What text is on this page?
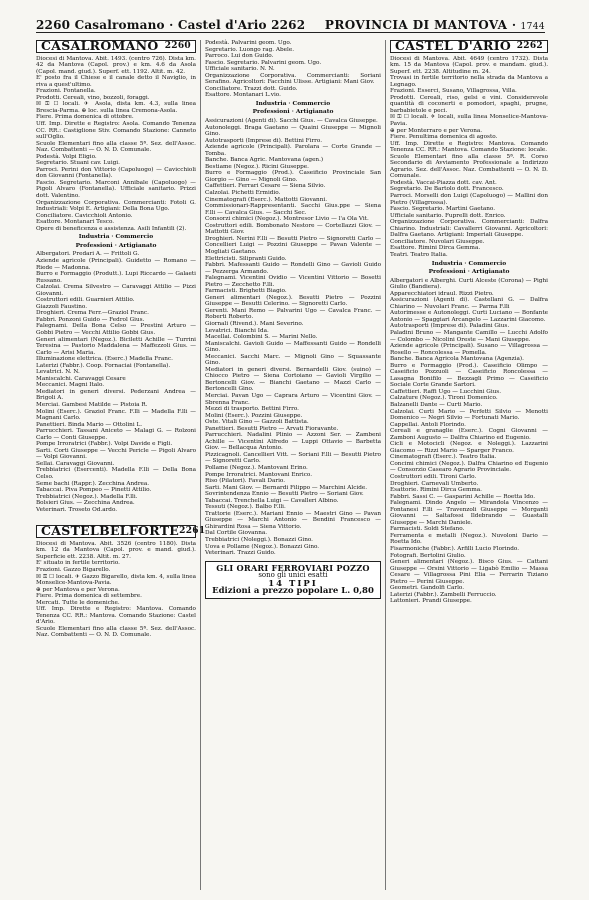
2260 Casalromano · Castel d'Ario 2262 PROVINCIA DI MANTOVA · 1744
CASALROMANO 2260

Diocesi di Mantova. Abit. 1493. (centro 726). Dista km. 42 da Mantova (Capol. prov.) e km. 4.6 da Asola (Capol. mand. giud.). Superf. ett. 1192. Altit. m. 42.

E' posto fra il Chiese e il canale detto il Naviglio, in riva a quest'ultimo.

Frazioni. Fontanella.

Prodotti. Cereali, vino, bozzoli, foraggi.

☒ ⚿ ☐ locali. ✈ Asola, dista km. 4.3, sulla linea Brescia-Parma. ⊕ loc. sulla linea Cremona-Asola.

Fiere. Prima domenica di ottobre.

Uff. Imp. Dirette e Registro: Asola. Comando Tenenza CC. RR.: Castiglione Stiv. Comando Stazione: Canneto sull'Oglio.

Scuole Elementari fino alla classe 5ª. Sez. dell'Assoc. Naz. Combattenti — O. N. D. Comunale.

Podestà. Volpi Eligio.

Segretario. Stuani cav. Luigi.

Parroci. Perini don Vittorio (Capoluogo) — Cavicchioli don Giovanni (Fontanella).

Fascio. Segretario. Marconi Annibale (Capoluogo) — Pigoli Alvaro (Fontanella). Ufficiale sanitario. Prizzi dott. Valentino.

Organizzazione Corporativa. Commercianti: Fotoli G. Industriali: Volpi E. Artigiani: Della Bona Ugo.

Conciliatore. Cavicchioli Antonio.

Esattore. Montanari Tesco.

Opere di beneficenza e assistenza. Asili Infantili (2).

Industria · Commercio

Professioni · Artigianato

Albergatori. Predari A. — Frittoli G.

Aziende agricole (Principali). Guidetto — Romano — Riede — Madonna.

Burro e Formaggio (Produtt.). Lupi Riccardo — Galaeti Russano.

Calzolai. Crema Silvestro — Caravaggi Attilio — Pizzi Giovanni.

Costruttori edili. Guarnieri Attilio.

Giazzoli Faustino.

Droghieri. Crema Ferr.—Graziol Franc.

Fabbri. Ponzoni Guido — Fedrol Gius.

Falegnami. Della Bona Celso — Prestini Arturo — Gobbi Pietro — Vecchi Attilio Gobbi Gius.

Generi alimentari (Negoz.). Biciletti Achille — Turrini Teresina — Pastorio Maddalena — Maffezzoli Gius. — Carlo — Arisi Maria.

Illuminazione elettrica. (Eserc.) Madella Franc.

Laterizi (Fabbr.). Coop. Fornaciai (Fontanella).

Levatrici. N. N.

Maniscalchi. Caravaggi Cesare

Meccanici. Magni Italo.

Mediatori in generi diversi. Pederzani Andrea — Brigoli A.

Merciai. Gambesi Matilde — Pistoia R.

Molini (Eserc.). Graziol Franc. F.lli — Madella F.lli — Magnani Carlo.

Panettieri. Binda Mario — Ottolini L.

Parrucchieri. Tassani Aniceto — Malagi G. — Rolzoni Carlo — Conti Giuseppe.

Pompe Irroratrici (Fabbr.). Volpi Davide e Figli.

Sarti. Corti Giuseppe — Vecchi Pericle — Pigoli Alvaro — Volpi Giovanni.

Sellai. Caravaggi Giovanni.

Trebbiatrici (Esercenti). Madella F.lli — Della Bona Celso.

Seme bachi (Rappr.). Zecchina Andrea.

Tabaccai. Piva Pompeo — Pinetti Attilio.

Trebbiatrici (Negoz.). Madella F.lli.

Bolsieri Gius. — Zecchina Andrea.

Veterinari. Troseto Od.ardo.

CASTELBELFORTE 2261

Diocesi di Mantova. Abit. 3526 (centro 1180). Dista km. 12 da Mantova (Capol. prov. e mand. giud.). Superficie ett. 2238. Altit. m. 27.

E' situato in fertile territorio.

Frazioni. Gazzo Bigarello.

☒ ⚿ ☐ locali. ✈ Gazzo Bigarello, dista km. 4, sulla linea Monselice-Mantova-Pavia.

⊕ per Mantova e per Verona.

Fiere. Prima domenica di settembre.

Mercati. Tutte le domeniche.

Uff. Imp. Dirette e Registro: Mantova. Comando Tenenza CC. RR.: Mantova. Comando Stazione: Castel d'Ario.

Scuole Elementari fino alla classe 5ª. Sez. dell'Assoc. Naz. Combattenti — O. N. D. Comunale.

Podestà. Palvarini geom. Ugo.

Segretario. Luongo rag. Abele.

Parroco. Lui don Guido.

Fascio. Segretario. Palvarini geom. Ugo.

Ufficiale sanitario. N. N.

Organizzazione Corporativa. Commercianti: Soriani Serafino. Agricoltori: Facchini Ulisse. Artigiani: Mani Giov.

Conciliatore. Trazzi dott. Guido.

Esattore. Montanari L.vio.

Industria · Commercio

Professioni · Artigianato

Assicurazioni (Agenti di). Sacchi Gius. — Cavalca Giuseppe.

Autonoleggi. Braga Gaetano — Quaini Giuseppe — Mignoli Gino.

Autotrasporti (Imprese di). Bettini Firro.

Aziende agricole (Principali). Parolara — Corte Grande — Tomba.

Banche. Banca Agric. Mantovana (agen.)

Bestiame (Negoz.). Ricini Giuseppe.

Burro e Formaggio (Prod.). Caseificio Provinciale San Giorgio — Gino — Mignoli Gino.

Caffettieri. Ferrari Cesare — Siena Silvio.

Calzolai. Pichetti Ermidio.

Cinematografi (Eserc.). Mattotti Giovanni.

Commissionari-Rappresentanti. Sacchi Gius.ppe — Siena F.lli — Cavalca Gius. — Sacchi Sec.

Consorzi chimici (Negoz.). Montresor Livio — l'a Ola Vit.

Costruttori edili. Bombonato Nestore — Cortellazzi Giov. — Mattotti Giov.

Droghieri. Nerini F.lli — Besutti Pietro — Signoretti Carlo — Concellieri Luigi — Pozzini Giuseppe — Pavan Valente — Mogliati Gaetano.

Elettricisti. Silipranti Guido.

Fabbri. Mafessanti Guido — Rondelli Gino — Gavioli Guido — Pezzerga Armando.

Falegnami. Vicentini Ovidio — Vicentini Vittorio — Bosetti Pietro — Zecchetto F.lli.

Farmacisti. Brighetti Biagio.

Generi alimentari (Negoz.). Besutti Pietro — Pozzini Giuseppe — Besutti Celerino. — Signoretti Carlo.

Gerenti. Mani Remo — Palvarini Ugo — Cavalca Franc. — Roberti Roberto.

Giornali (Rivend.). Mani Severino.

Levatrici. Bianchi Ida.

Macellai. Colombini S. — Marini Nello.

Maniscalchi. Gavioli Guido — Maffessanti Guido — Rondelli Gino.

Meccanici. Sacchi Marc. — Mignoli Gino — Squassante Gino.

Mediatori in generi diversi. Bernardelli Giov. (suino) — Chiocco Pietro — Siena Cortoiano — Gavioli Virgilio — Bertoncelli Giov. — Bianchi Gaetano — Mazzi Carlo — Bertoncelli Gino.

Merciai. Pavan Ugo — Caprara Arturo — Vicentini Giov. — Sbrenna Franc.

Mezzi di trasporto. Bettini Firro.

Molini (Eserc.). Pozzini Giuseppe.

Oste. Vitali Gino — Gazzoli Battista.

Panettieri. Besutti Pietro — Arvati Fioravante.

Parrucchieri. Nadalini Plinio — Azzoni Ser. — Zambeni Achille — Vicentini Alfredo — Luppi Ottavio — Barbetta Giov. — Bellacqua Antonio.

Pizzicagnoli. Cancellieri Vitt. — Soriani F.lli — Besutti Pietro — Signoretti Carlo.

Pollame (Negoz.). Mantovani Erino.

Pompe Irroratrici. Mantovani Enrico.

Riso (Pilatori). Favali Dario.

Sarti. Mani Giov. — Bernardi Filippo — Marchini Alcide.

Sovrintendenza Ennio — Besutti Pietro — Soriani Giov.

Tabaccai. Trenchella Luigi — Cavalleri Albino.

Tessuti (Negoz.). Balbo F.lli.

Trattorie (Eserc.). Mariani Ennio — Maestri Gino — Pavan Giuseppe — Marchi Antonio — Bendini Francesco — Ghirardini Rosa — Siena Vittorio.

Dal Cortile Giovanna.

Trebbiatrici (Noleggi.). Bonazzi Gino.

Uova e Pollame (Negoz.). Bonazzi Gino.

Veterinari. Trazzi Guido.

GLI ORARI FERROVIARI POZZO
sono gli unici esatti
14 TIPI
Edizioni a prezzo popolare L. 0,80
CASTEL D'ARIO 2262

Diocesi di Mantova. Abit. 4649 (centro 1732). Dista km. 15 da Mantova (Capol. prov. e mandam. giud.). Superf. ett. 2238. Altitudine m. 24.

Trovasi in fertile territorio nella strada da Mantova a Legnago.

Frazioni. Esserci, Susano, Villagrossa, Villa.

Prodotti. Cereali, riso, gelsi e vini. Considerevole quantità di coconerti e pomodori, spaghi, prugne, barbabietole e peci.

☒ ⚿ ☐ locali. ✈ locali, sulla linea Monselice-Mantova-Pavia.

⊕ per Monterraro e per Verona.

Fiere. Penultima domenica di agosto.

Uff. Imp. Dirette e Registro: Mantova. Comando Tenenza CC. RR.: Mantova. Comando Stazione: locale.

Scuole Elementari fino alla classe 5ª. R. Corso Secondario di Avviamento Professionale a Indirizzo Agrario. Sez. dell'Assoc. Naz. Combattenti — O. N. D. Comunale.

Podestà. Vaccai-Piazza dott. cav. Ant.

Segretario. De Bartolo dott. Francesco.

Parroci. Morselli don Luigi (Capoluogo) — Mallini don Pietro (Villagrossa).

Fascio. Segretario. Martini Gaetano.

Ufficiale sanitario. Fuprelli dott. Enrico.

Organizzazione Corporativa. Commercianti: Dalfra Chiarino. Industriali: Cavallerri Giovanni. Agricoltori: Dalfra Gaetano. Artigiani: Imperiali Giuseppe.

Conciliatore. Nuvolari Giuseppe.

Esattore. Rimini Dirca Gemma.

Teatri. Teatro Italia.

Industria · Commercio

Professioni · Artigianato

Albergatori e Alberghi. Curti Alceste (Corona) — Pighi Giulio (Bandiera).

Apparecchiatori idraul. Rizzi Pietro.

Assicurazioni (Agenti di). Castellani G. — Dalfra Chiarino — Nuvolari Franc. — Parma F.lli

Autorimesse e Autonoleggi. Curti Luciano — Bonfante Antonio — Spaggiari Arcangelo — Lazzarini Giacomo.

Autotrasporti (Imprese di). Paladini Gius.

Paladini Bruno — Mangante Camillo — Lucchi Adolfo — Colombo — Nicolini Oreste — Mani Giuseppe.

Aziende agricole (Principali). Susano — Villagrossa — Rosello — Roncolessa — Pomella.

Banche. Banca Agricola Mantovana (Agenzia).

Burro e Formaggio (Prod.). Caseificio Olimpo — Caseificio Pozzuoli — Caseificio Roncolessa — Lasagna Bonifilo — Bezzagli Primo — Caseificio Sociale Corte Grande Sartori.

Caffettieri. Raffi Ugo — Lucchini Gius.

Calzature (Negoz.). Tironi Domenico.

Balzanelli Dante — Curti Mario.

Calzolai. Curti Mario — Perfetti Silvio — Menotti Domenico — Negri Silvio — Fortunati Mario.

Cappellai. Antoli Florindo.

Cereali e granaglie (Eserc.). Cogni Giovanni — Zamboni Augusto — Dalfra Chiarino ed Eugenio.

Cicli e Motocicli (Negoz. e Noleggi.). Lazzarini Giacomo — Rizzi Mario — Sparger Franco.

Cinematografi (Eserc.). Teatro Italia.

Concimi chimici (Negoz.). Dalfra Chiarino ed Eugenio — Consorzio Casearo Agrario Provinciale.

Costruttori edili. Tironi Carlo.

Droghieri. Carnevali Umberto.

Esattorie. Rimini Dirca Gemma.

Fabbri. Sassi C. — Gasparini Achille — Roetta Ido.

Falegnami. Dindo Angelo — Mirandola Vincenzo — Fontanesi F.lli — Travenzoli Giuseppe — Morganti Giovanni — Saltafossi Ildebrando — Guastalli Giuseppe — Marchi Daniele.

Farmacisti. Soldi Stefano.

Ferramenta e metalli (Negoz.). Nuvoloni Dario — Roetta Ido.

Fisarmoniche (Fabbr.). Arfilli Lucio Florindo.

Fotografi. Bertolini Giulio.

Generi alimentari (Negoz.). Bisco Gius. — Cattani Giuseppe — Orsini Vittorio — Ligabò Emilio — Massa Cesare — Villagrossa Pini Elia — Ferrarin Tiziano Pietro — Perini Giuseppe.

Geometri. Gandolfi Carlo.

Laterizi (Fabbr.). Zambelli Ferruccio.

Lattonieri. Prandi Giuseppe.
